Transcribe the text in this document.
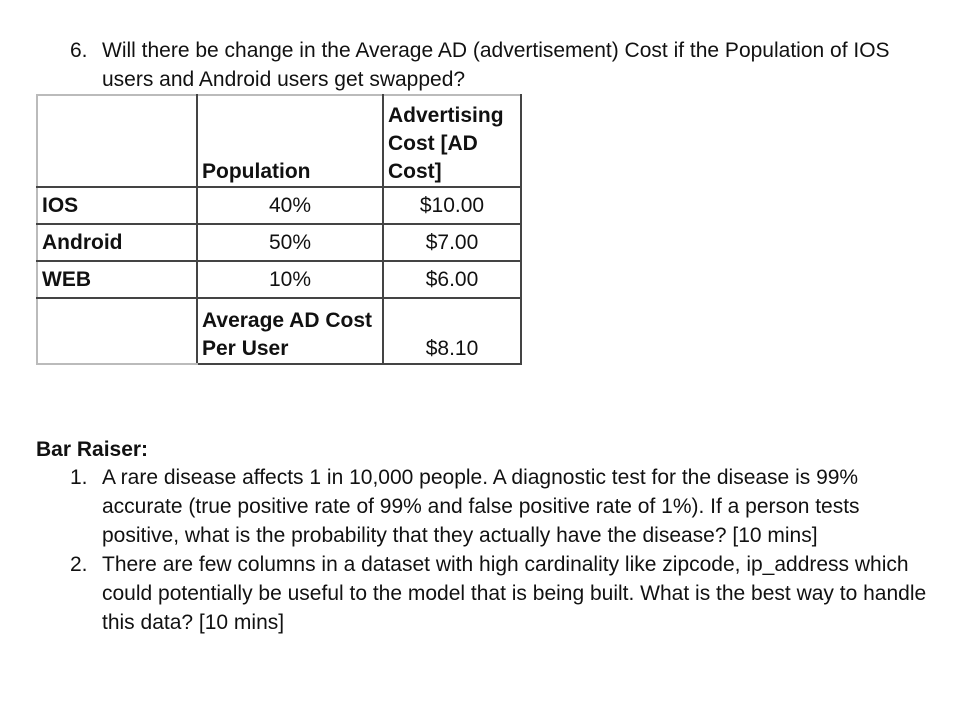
6. Will there be change in the Average AD (advertisement) Cost if the Population of IOS users and Android users get swapped?
	Population	Advertising Cost [AD Cost]
IOS	40%	$10.00
Android	50%	$7.00
WEB	10%	$6.00
	Average AD Cost Per User	$8.10
Bar Raiser:

1. A rare disease affects 1 in 10,000 people. A diagnostic test for the disease is 99% accurate (true positive rate of 99% and false positive rate of 1%). If a person tests positive, what is the probability that they actually have the disease? [10 mins]

2. There are few columns in a dataset with high cardinality like zipcode, ip_address which could potentially be useful to the model that is being built. What is the best way to handle this data? [10 mins]
